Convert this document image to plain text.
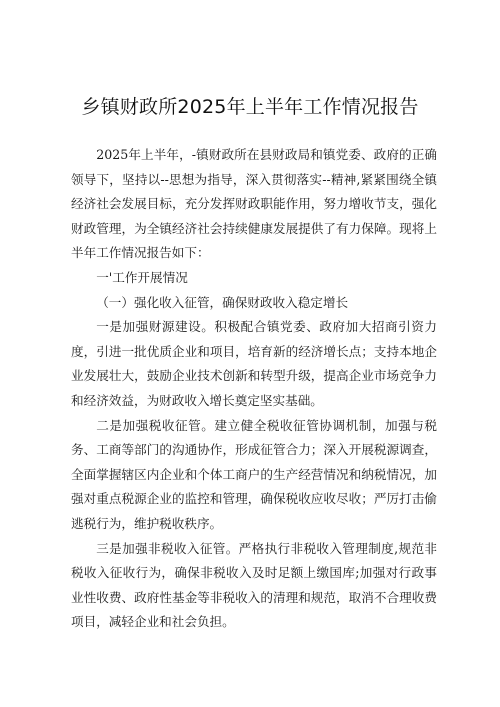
乡镇财政所2025年上半年工作情况报告

2025年上半年，-镇财政所在县财政局和镇党委、政府的正确领导下，坚持以--思想为指导，深入贯彻落实--精神,紧紧围绕全镇经济社会发展目标，充分发挥财政职能作用，努力增收节支，强化财政管理，为全镇经济社会持续健康发展提供了有力保障。现将上半年工作情况报告如下：

一'工作开展情况

（一）强化收入征管，确保财政收入稳定增长

一是加强财源建设。积极配合镇党委、政府加大招商引资力度，引进一批优质企业和项目，培育新的经济增长点；支持本地企业发展壮大，鼓励企业技术创新和转型升级，提高企业市场竞争力和经济效益，为财政收入增长奠定坚实基础。

二是加强税收征管。建立健全税收征管协调机制，加强与税务、工商等部门的沟通协作，形成征管合力；深入开展税源调查，全面掌握辖区内企业和个体工商户的生产经营情况和纳税情况，加强对重点税源企业的监控和管理，确保税收应收尽收；严厉打击偷逃税行为，维护税收秩序。

三是加强非税收入征管。严格执行非税收入管理制度,规范非税收入征收行为，确保非税收入及时足额上缴国库;加强对行政事业性收费、政府性基金等非税收入的清理和规范，取消不合理收费项目，减轻企业和社会负担。
